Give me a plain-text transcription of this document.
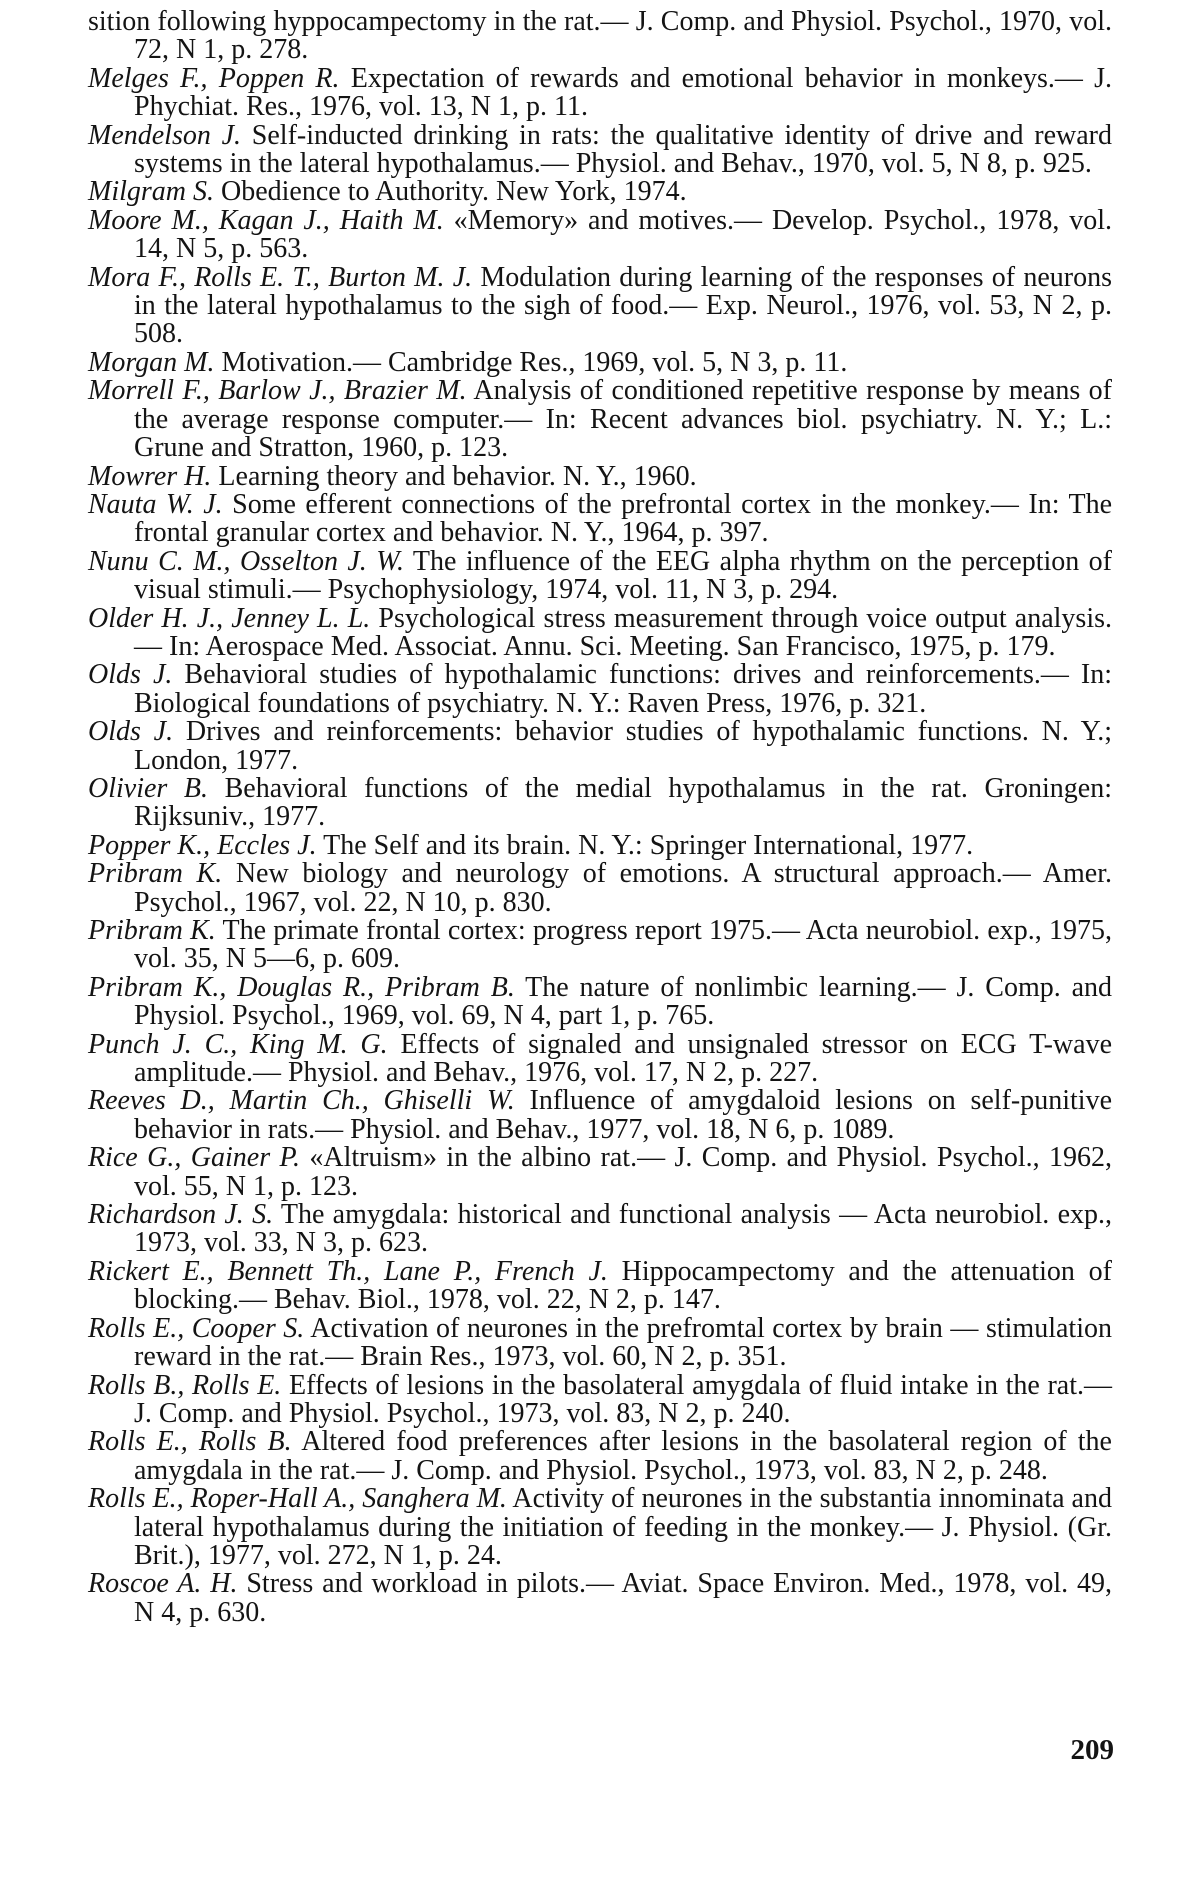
sition following hyppocampectomy in the rat.— J. Comp. and Physiol. Psychol., 1970, vol. 72, N 1, p. 278.

Melges F., Poppen R. Expectation of rewards and emotional behavior in monkeys.— J. Phychiat. Res., 1976, vol. 13, N 1, p. 11.

Mendelson J. Self-inducted drinking in rats: the qualitative identity of drive and reward systems in the lateral hypothalamus.— Physiol. and Behav., 1970, vol. 5, N 8, p. 925.

Milgram S. Obedience to Authority. New York, 1974.

Moore M., Kagan J., Haith M. «Memory» and motives.— Develop. Psychol., 1978, vol. 14, N 5, p. 563.

Mora F., Rolls E. T., Burton M. J. Modulation during learning of the responses of neurons in the lateral hypothalamus to the sigh of food.— Exp. Neurol., 1976, vol. 53, N 2, p. 508.

Morgan M. Motivation.— Cambridge Res., 1969, vol. 5, N 3, p. 11.

Morrell F., Barlow J., Brazier M. Analysis of conditioned repetitive response by means of the average response computer.— In: Recent advances biol. psychiatry. N. Y.; L.: Grune and Stratton, 1960, p. 123.

Mowrer H. Learning theory and behavior. N. Y., 1960.

Nauta W. J. Some efferent connections of the prefrontal cortex in the monkey.— In: The frontal granular cortex and behavior. N. Y., 1964, p. 397.

Nunu C. M., Osselton J. W. The influence of the EEG alpha rhythm on the perception of visual stimuli.— Psychophysiology, 1974, vol. 11, N 3, p. 294.

Older H. J., Jenney L. L. Psychological stress measurement through voice output analysis.— In: Aerospace Med. Associat. Annu. Sci. Meeting. San Francisco, 1975, p. 179.

Olds J. Behavioral studies of hypothalamic functions: drives and reinforcements.— In: Biological foundations of psychiatry. N. Y.: Raven Press, 1976, p. 321.

Olds J. Drives and reinforcements: behavior studies of hypothalamic functions. N. Y.; London, 1977.

Olivier B. Behavioral functions of the medial hypothalamus in the rat. Groningen: Rijksuniv., 1977.

Popper K., Eccles J. The Self and its brain. N. Y.: Springer International, 1977.

Pribram K. New biology and neurology of emotions. A structural approach.— Amer. Psychol., 1967, vol. 22, N 10, p. 830.

Pribram K. The primate frontal cortex: progress report 1975.— Acta neurobiol. exp., 1975, vol. 35, N 5—6, p. 609.

Pribram K., Douglas R., Pribram B. The nature of nonlimbic learning.— J. Comp. and Physiol. Psychol., 1969, vol. 69, N 4, part 1, p. 765.

Punch J. C., King M. G. Effects of signaled and unsignaled stressor on ECG T-wave amplitude.— Physiol. and Behav., 1976, vol. 17, N 2, p. 227.

Reeves D., Martin Ch., Ghiselli W. Influence of amygdaloid lesions on self-punitive behavior in rats.— Physiol. and Behav., 1977, vol. 18, N 6, p. 1089.

Rice G., Gainer P. «Altruism» in the albino rat.— J. Comp. and Physiol. Psychol., 1962, vol. 55, N 1, p. 123.

Richardson J. S. The amygdala: historical and functional analysis — Acta neurobiol. exp., 1973, vol. 33, N 3, p. 623.

Rickert E., Bennett Th., Lane P., French J. Hippocampectomy and the attenuation of blocking.— Behav. Biol., 1978, vol. 22, N 2, p. 147.

Rolls E., Cooper S. Activation of neurones in the prefromtal cortex by brain — stimulation reward in the rat.— Brain Res., 1973, vol. 60, N 2, p. 351.

Rolls B., Rolls E. Effects of lesions in the basolateral amygdala of fluid intake in the rat.— J. Comp. and Physiol. Psychol., 1973, vol. 83, N 2, p. 240.

Rolls E., Rolls B. Altered food preferences after lesions in the basolateral region of the amygdala in the rat.— J. Comp. and Physiol. Psychol., 1973, vol. 83, N 2, p. 248.

Rolls E., Roper-Hall A., Sanghera M. Activity of neurones in the substantia innominata and lateral hypothalamus during the initiation of feeding in the monkey.— J. Physiol. (Gr. Brit.), 1977, vol. 272, N 1, p. 24.

Roscoe A. H. Stress and workload in pilots.— Aviat. Space Environ. Med., 1978, vol. 49, N 4, p. 630.

209
